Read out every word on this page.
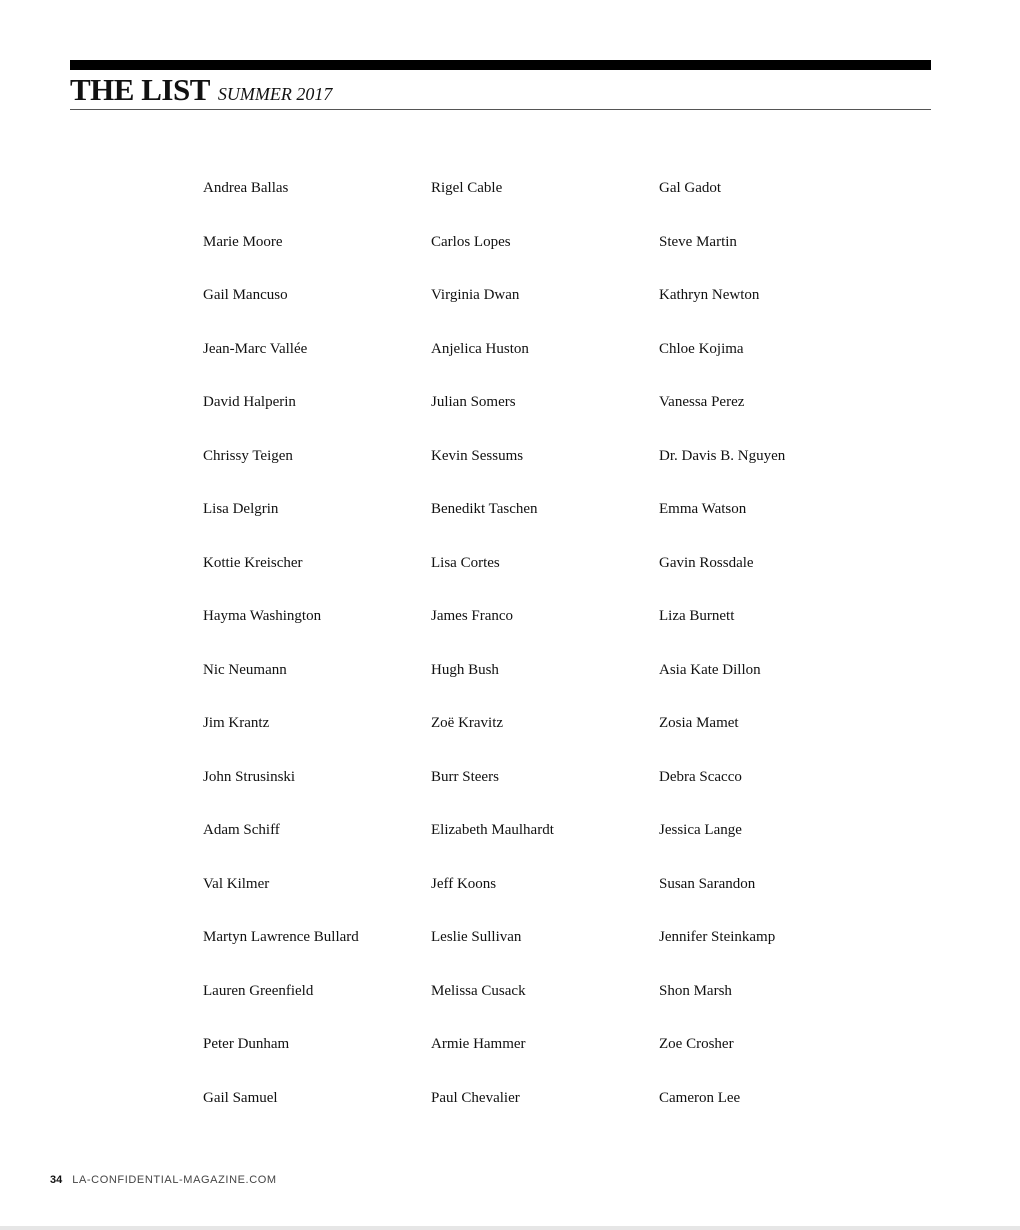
THE LIST SUMMER 2017
Andrea Ballas	Rigel Cable	Gal Gadot
Marie Moore	Carlos Lopes	Steve Martin
Gail Mancuso	Virginia Dwan	Kathryn Newton
Jean-Marc Vallée	Anjelica Huston	Chloe Kojima
David Halperin	Julian Somers	Vanessa Perez
Chrissy Teigen	Kevin Sessums	Dr. Davis B. Nguyen
Lisa Delgrin	Benedikt Taschen	Emma Watson
Kottie Kreischer	Lisa Cortes	Gavin Rossdale
Hayma Washington	James Franco	Liza Burnett
Nic Neumann	Hugh Bush	Asia Kate Dillon
Jim Krantz	Zoë Kravitz	Zosia Mamet
John Strusinski	Burr Steers	Debra Scacco
Adam Schiff	Elizabeth Maulhardt	Jessica Lange
Val Kilmer	Jeff Koons	Susan Sarandon
Martyn Lawrence Bullard	Leslie Sullivan	Jennifer Steinkamp
Lauren Greenfield	Melissa Cusack	Shon Marsh
Peter Dunham	Armie Hammer	Zoe Crosher
Gail Samuel	Paul Chevalier	Cameron Lee
34 LA-CONFIDENTIAL-MAGAZINE.COM
